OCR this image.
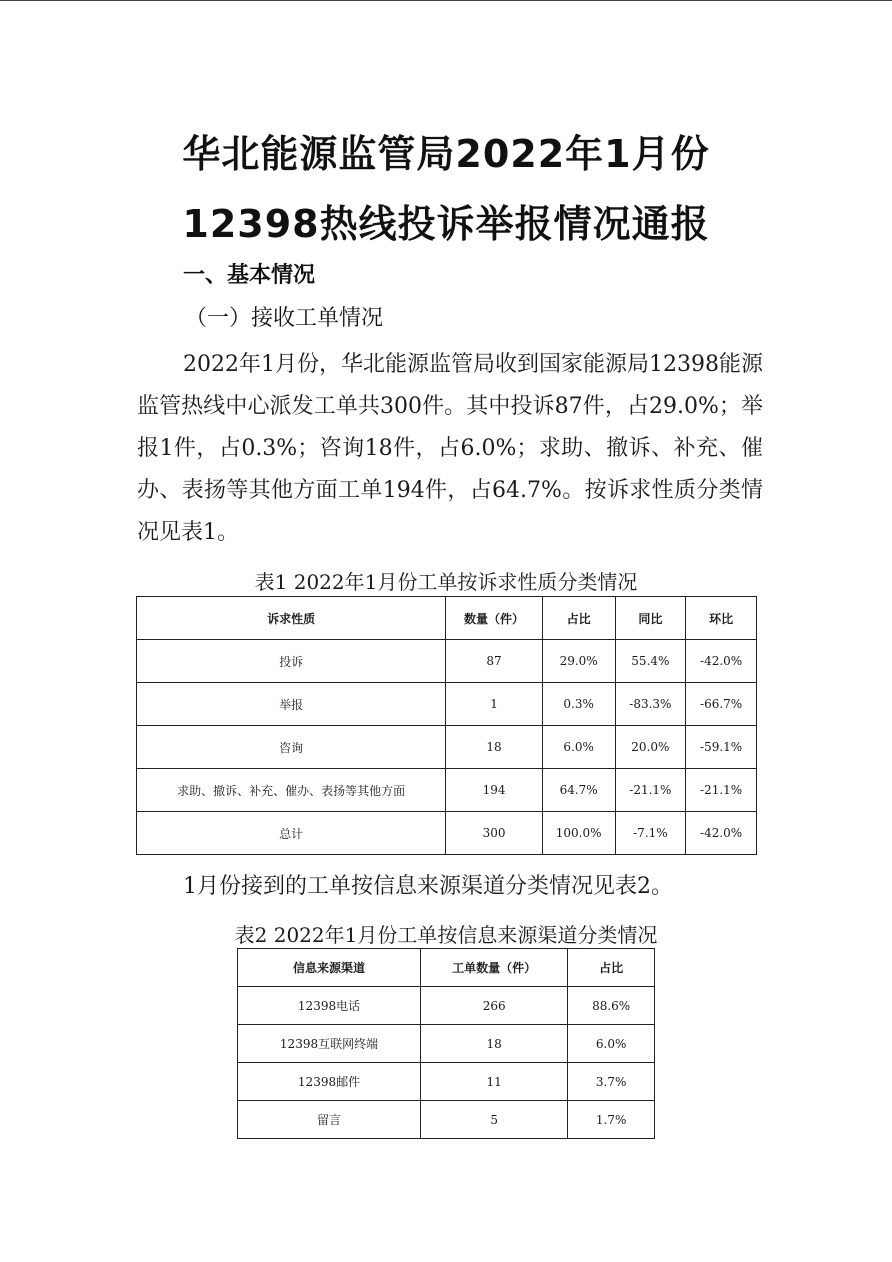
华北能源监管局2022年1月份
12398热线投诉举报情况通报
一、基本情况
（一）接收工单情况
2022年1月份，华北能源监管局收到国家能源局12398能源监管热线中心派发工单共300件。其中投诉87件，占29.0%；举报1件，占0.3%；咨询18件，占6.0%；求助、撤诉、补充、催办、表扬等其他方面工单194件，占64.7%。按诉求性质分类情况见表1。
表1 2022年1月份工单按诉求性质分类情况
诉求性质	数量（件）	占比	同比	环比
投诉	87	29.0%	55.4%	-42.0%
举报	1	0.3%	-83.3%	-66.7%
咨询	18	6.0%	20.0%	-59.1%
求助、撤诉、补充、催办、表扬等其他方面	194	64.7%	-21.1%	-21.1%
总计	300	100.0%	-7.1%	-42.0%
1月份接到的工单按信息来源渠道分类情况见表2。
表2 2022年1月份工单按信息来源渠道分类情况
信息来源渠道	工单数量（件）	占比
12398电话	266	88.6%
12398互联网终端	18	6.0%
12398邮件	11	3.7%
留言	5	1.7%
